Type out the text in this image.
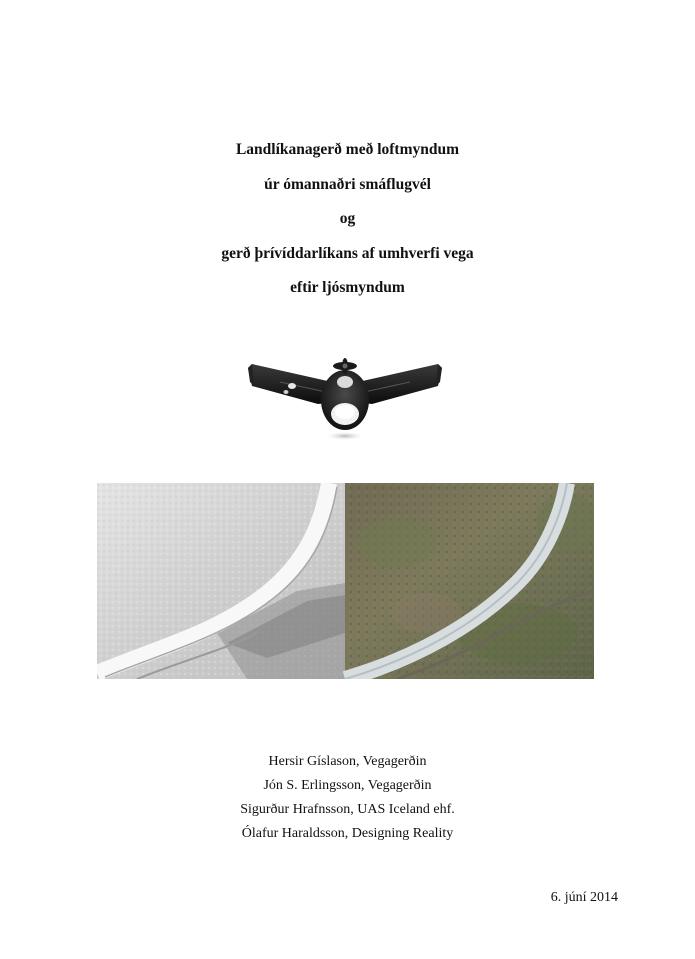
Landlíkanagerð með loftmyndum
úr ómannaðri smáflugvél
og
gerð þrívíddarlíkans af umhverfi vega
eftir ljósmyndum
Hersir Gíslason, Vegagerðin
Jón S. Erlingsson, Vegagerðin
Sigurður Hrafnsson, UAS Iceland ehf.
Ólafur Haraldsson, Designing Reality
6. júní 2014
